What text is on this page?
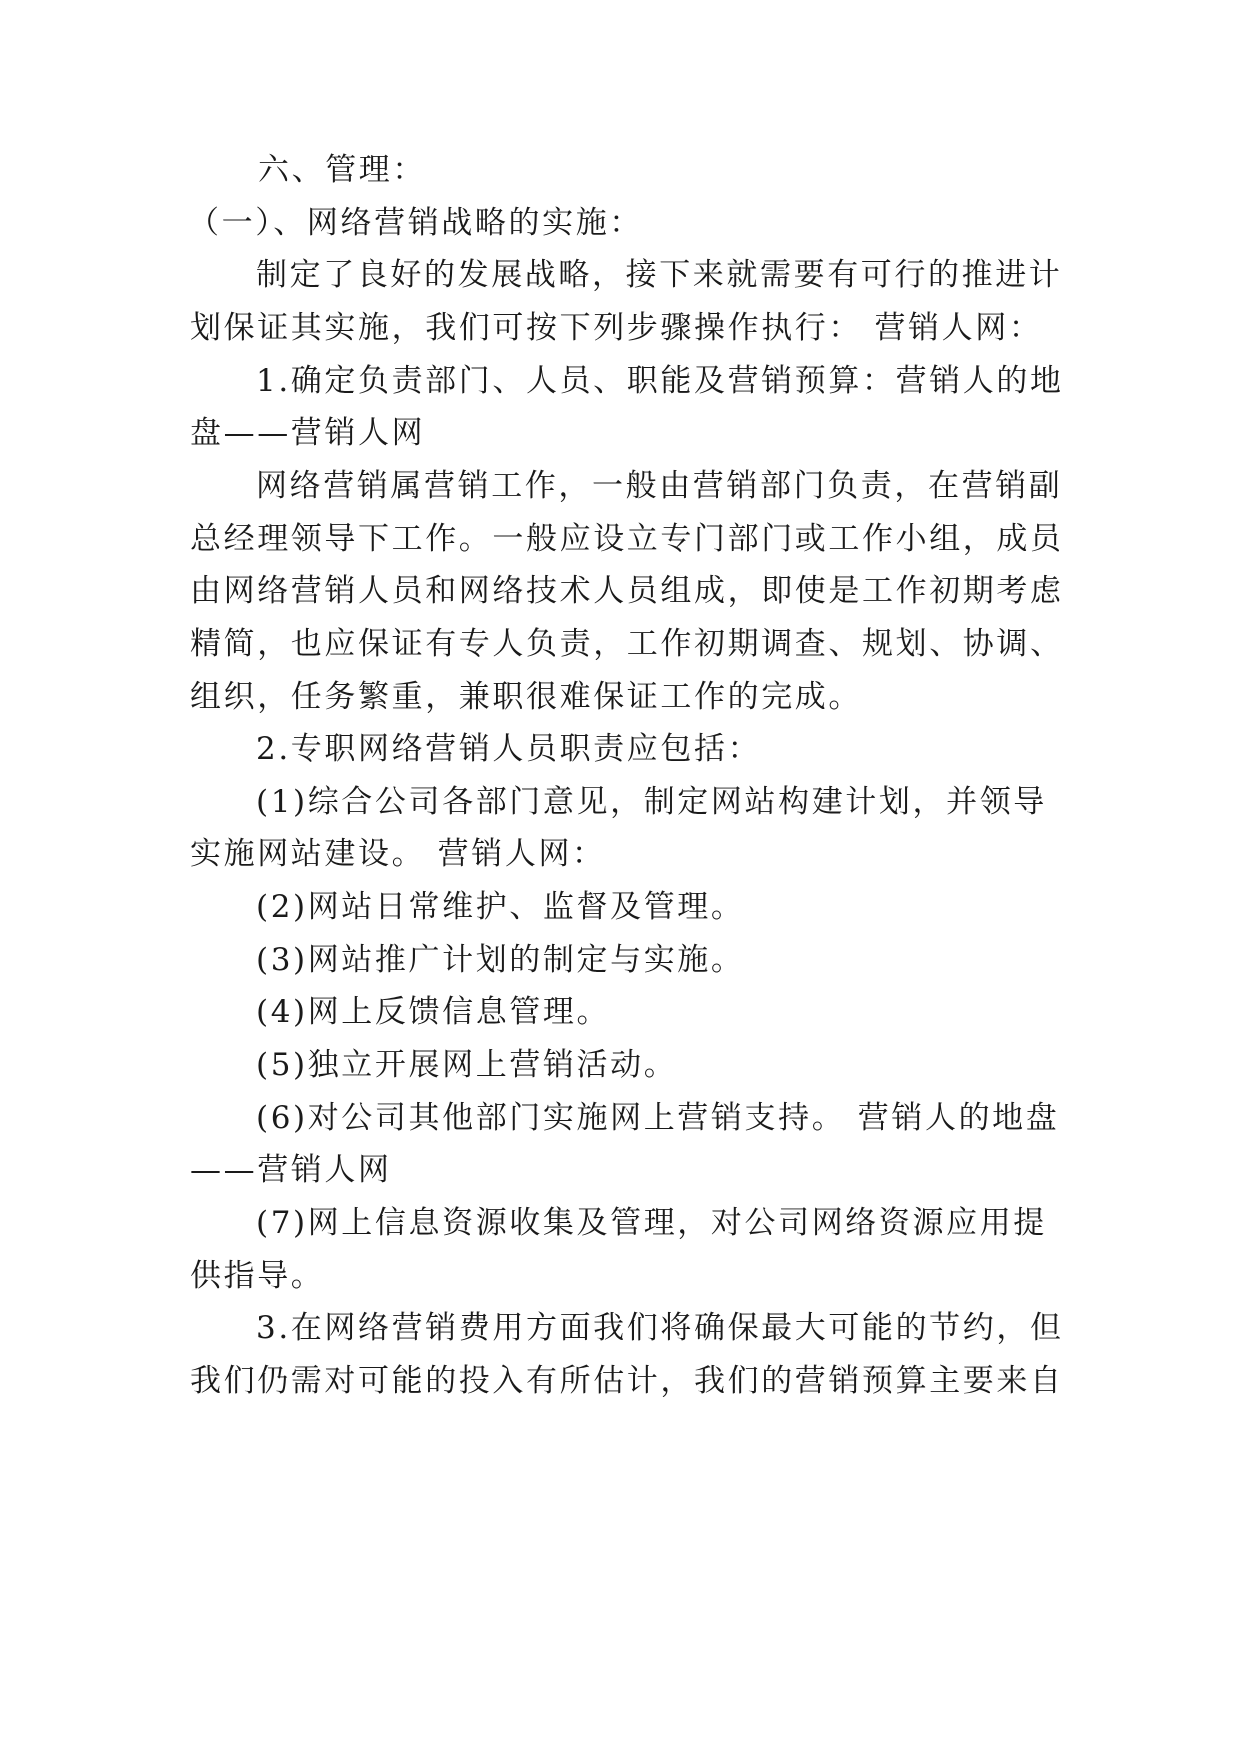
六、管理：
（一）、网络营销战略的实施：
制定了良好的发展战略，接下来就需要有可行的推进计
划保证其实施，我们可按下列步骤操作执行： 营销人网：
1.确定负责部门、人员、职能及营销预算：营销人的地
盘——营销人网
网络营销属营销工作，一般由营销部门负责，在营销副
总经理领导下工作。一般应设立专门部门或工作小组，成员
由网络营销人员和网络技术人员组成，即使是工作初期考虑
精简，也应保证有专人负责，工作初期调查、规划、协调、
组织，任务繁重，兼职很难保证工作的完成。
2.专职网络营销人员职责应包括：
(1)综合公司各部门意见，制定网站构建计划，并领导
实施网站建设。 营销人网：
(2)网站日常维护、监督及管理。
(3)网站推广计划的制定与实施。
(4)网上反馈信息管理。
(5)独立开展网上营销活动。
(6)对公司其他部门实施网上营销支持。 营销人的地盘
——营销人网
(7)网上信息资源收集及管理，对公司网络资源应用提
供指导。
3.在网络营销费用方面我们将确保最大可能的节约，但
我们仍需对可能的投入有所估计，我们的营销预算主要来自
